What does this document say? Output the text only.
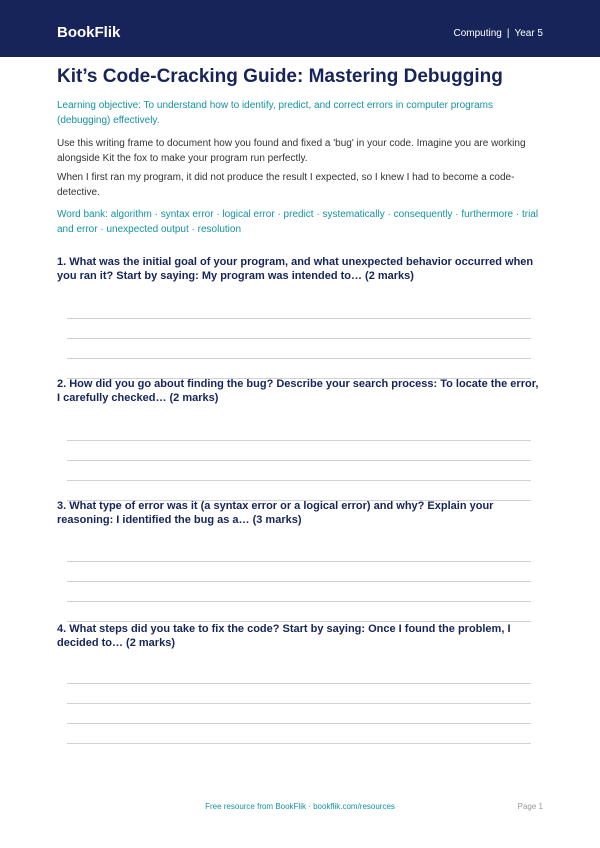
BookFlik	Computing | Year 5
Kit’s Code-Cracking Guide: Mastering Debugging

Learning objective: To understand how to identify, predict, and correct errors in computer programs (debugging) effectively.

Use this writing frame to document how you found and fixed a 'bug' in your code. Imagine you are working alongside Kit the fox to make your program run perfectly.

When I first ran my program, it did not produce the result I expected, so I knew I had to become a code-detective.

Word bank: algorithm · syntax error · logical error · predict · systematically · consequently · furthermore · trial and error · unexpected output · resolution

1. What was the initial goal of your program, and what unexpected behavior occurred when you ran it? Start by saying: My program was intended to… (2 marks)

2. How did you go about finding the bug? Describe your search process: To locate the error, I carefully checked… (2 marks)

3. What type of error was it (a syntax error or a logical error) and why? Explain your reasoning: I identified the bug as a… (3 marks)

4. What steps did you take to fix the code? Start by saying: Once I found the problem, I decided to… (2 marks)

Free resource from BookFlik · bookflik.com/resources	Page 1
